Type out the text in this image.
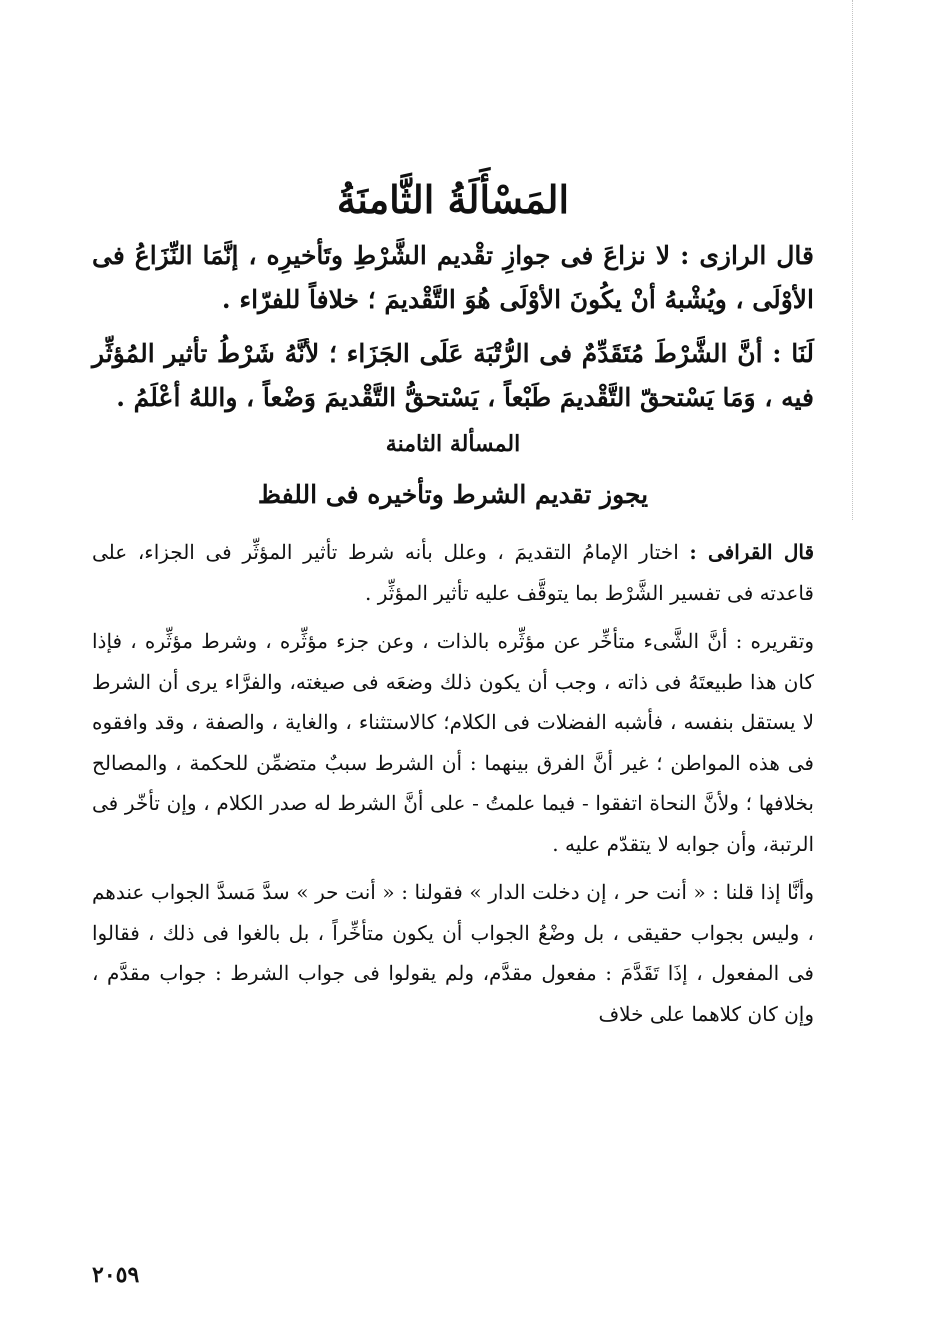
المَسْأَلَةُ الثَّامنَةُ

قال الرازى : لا نزاعَ فى جوازِ تقْديم الشَّرْطِ وتَأخيرِه ، إنَّمَا النِّزَاعُ فى الأوْلَى ، ويُشْبهُ أنْ يكُونَ الأوْلَى هُوَ التَّقْديمَ ؛ خلافاً للفرّاء .

لَنَا : أنَّ الشَّرْطَ مُتَقَدِّمٌ فى الرُّتْبَة عَلَى الجَزَاء ؛ لأنَّهُ شَرْطُ تأثير المُؤثِّر فيه ، وَمَا يَسْتحقّ التَّقْديمَ طَبْعاً ، يَسْتحقُّ التَّقْديمَ وَضْعاً ، واللهُ أعْلَمُ .

المسألة الثامنة
يجوز تقديم الشرط وتأخيره فى اللفظ

قال القرافى : اختار الإمامُ التقديمَ ، وعلل بأنه شرط تأثير المؤثِّر فى الجزاء، على قاعدته فى تفسير الشَّرْط بما يتوقَّف عليه تأثير المؤثِّر .

وتقريره : أنَّ الشَّىء متأخِّر عن مؤثِّره بالذات ، وعن جزء مؤثِّره ، وشرط مؤثِّره ، فإذا كان هذا طبيعتَهُ فى ذاته ، وجب أن يكون ذلك وضعَه فى صيغته، والفرَّاء يرى أن الشرط لا يستقل بنفسه ، فأشبه الفضلات فى الكلام؛ كالاستثناء ، والغاية ، والصفة ، وقد وافقوه فى هذه المواطن ؛ غير أنَّ الفرق بينهما : أن الشرط سببٌ متضمِّن للحكمة ، والمصالح بخلافها ؛ ولأنَّ النحاة اتفقوا - فيما علمتُ - على أنَّ الشرط له صدر الكلام ، وإن تأخّر فى الرتبة، وأن جوابه لا يتقدّم عليه .

وأنَّا إذا قلنا : « أنت حر ، إن دخلت الدار » فقولنا : « أنت حر » سدَّ مَسدَّ الجواب عندهم ، وليس بجواب حقيقى ، بل وضْعُ الجواب أن يكون متأخِّراً ، بل بالغوا فى ذلك ، فقالوا فى المفعول ، إذَا تَقَدَّمَ : مفعول مقدَّم، ولم يقولوا فى جواب الشرط : جواب مقدَّم ، وإن كان كلاهما على خلاف

٢٠٥٩
